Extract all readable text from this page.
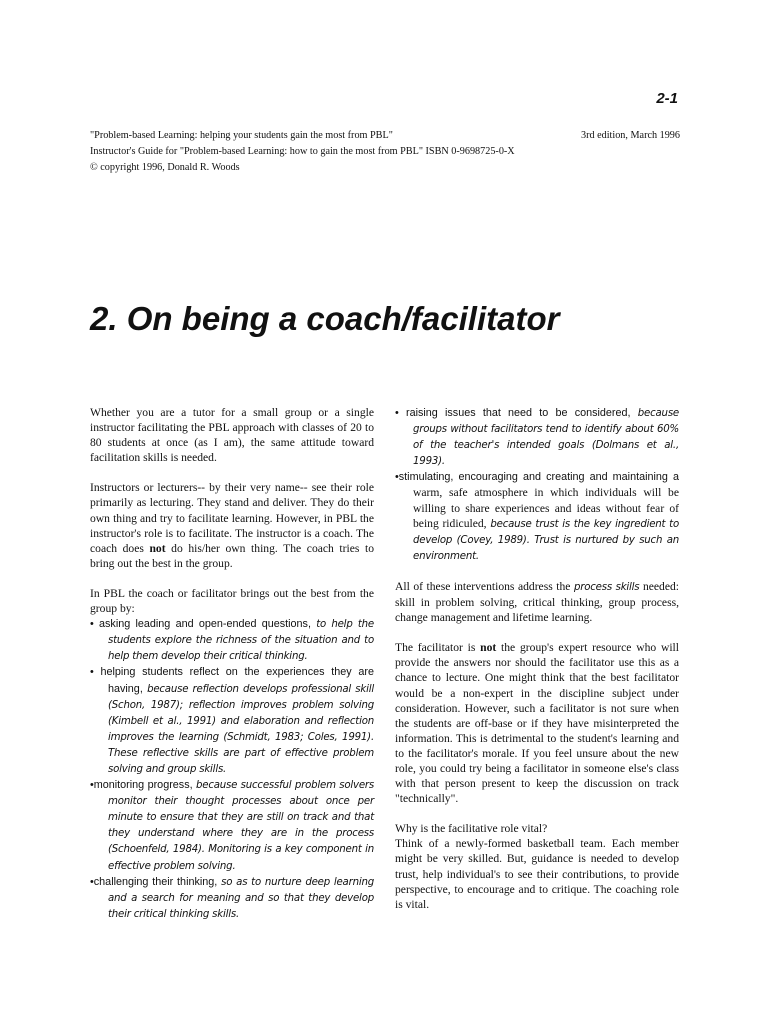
2-1
"Problem-based Learning: helping your students gain the most from PBL"	3rd edition, March 1996
Instructor's Guide for "Problem-based Learning: how to gain the most from PBL" ISBN 0-9698725-0-X
© copyright 1996, Donald R. Woods
2. On being a coach/facilitator

Whether you are a tutor for a small group or a single instructor facilitating the PBL approach with classes of 20 to 80 students at once (as I am), the same attitude toward facilitation skills is needed.

Instructors or lecturers-- by their very name-- see their role primarily as lecturing. They stand and deliver. They do their own thing and try to facilitate learning. However, in PBL the instructor's role is to facilitate. The instructor is a coach. The coach does not do his/her own thing. The coach tries to bring out the best in the group.

In PBL the coach or facilitator brings out the best from the group by:

• asking leading and open-ended questions, to help the students explore the richness of the situation and to help them develop their critical thinking.

• helping students reflect on the experiences they are having, because reflection develops professional skill (Schon, 1987); reflection improves problem solving (Kimbell et al., 1991) and elaboration and reflection improves the learning (Schmidt, 1983; Coles, 1991). These reflective skills are part of effective problem solving and group skills.

•monitoring progress, because successful problem solvers monitor their thought processes about once per minute to ensure that they are still on track and that they understand where they are in the process (Schoenfeld, 1984). Monitoring is a key component in effective problem solving.

•challenging their thinking, so as to nurture deep learning and a search for meaning and so that they develop their critical thinking skills.

• raising issues that need to be considered, because groups without facilitators tend to identify about 60% of the teacher's intended goals (Dolmans et al., 1993).

•stimulating, encouraging and creating and maintaining a warm, safe atmosphere in which individuals will be willing to share experiences and ideas without fear of being ridiculed, because trust is the key ingredient to develop (Covey, 1989). Trust is nurtured by such an environment.

All of these interventions address the process skills needed: skill in problem solving, critical thinking, group process, change management and lifetime learning.

The facilitator is not the group's expert resource who will provide the answers nor should the facilitator use this as a chance to lecture. One might think that the best facilitator would be a non-expert in the discipline subject under consideration. However, such a facilitator is not sure when the students are off-base or if they have misinterpreted the information. This is detrimental to the student's learning and to the facilitator's morale. If you feel unsure about the new role, you could try being a facilitator in someone else's class with that person present to keep the discussion on track "technically".

Why is the facilitative role vital?

Think of a newly-formed basketball team. Each member might be very skilled. But, guidance is needed to develop trust, help individual's to see their contributions, to provide perspective, to encourage and to critique. The coaching role is vital.
